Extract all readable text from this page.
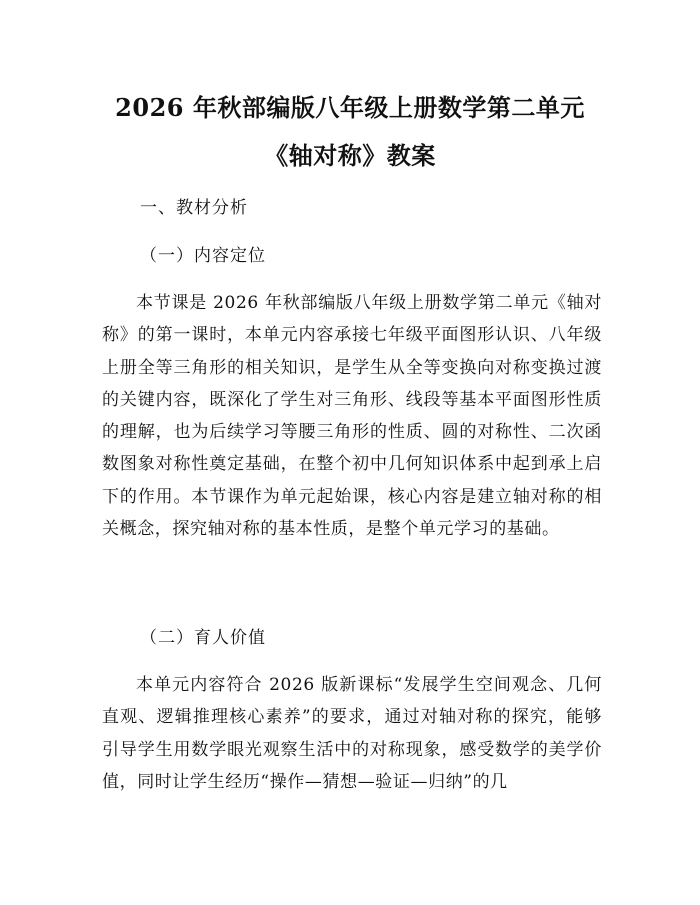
2026 年秋部编版八年级上册数学第二单元
《轴对称》教案
一、教材分析
（一）内容定位

本节课是 2026 年秋部编版八年级上册数学第二单元《轴对称》的第一课时，本单元内容承接七年级平面图形认识、八年级上册全等三角形的相关知识，是学生从全等变换向对称变换过渡的关键内容，既深化了学生对三角形、线段等基本平面图形性质的理解，也为后续学习等腰三角形的性质、圆的对称性、二次函数图象对称性奠定基础，在整个初中几何知识体系中起到承上启下的作用。本节课作为单元起始课，核心内容是建立轴对称的相关概念，探究轴对称的基本性质，是整个单元学习的基础。

（二）育人价值

本单元内容符合 2026 版新课标“发展学生空间观念、几何直观、逻辑推理核心素养”的要求，通过对轴对称的探究，能够引导学生用数学眼光观察生活中的对称现象，感受数学的美学价值，同时让学生经历“操作—猜想—验证—归纳”的几
